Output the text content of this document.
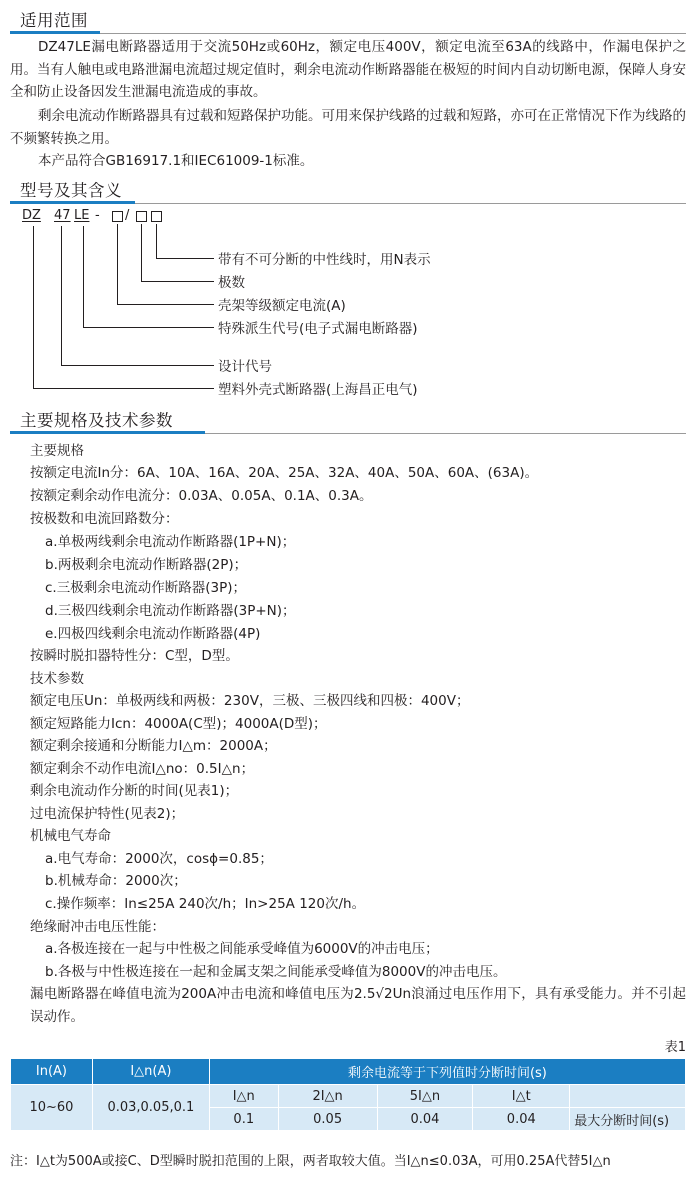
适用范围
DZ47LE漏电断路器适用于交流50Hz或60Hz，额定电压400V，额定电流至63A的线路中，作漏电保护之用。当有人触电或电路泄漏电流超过规定值时，剩余电流动作断路器能在极短的时间内自动切断电源，保障人身安全和防止设备因发生泄漏电流造成的事故。
剩余电流动作断路器具有过载和短路保护功能。可用来保护线路的过载和短路，亦可在正常情况下作为线路的不频繁转换之用。
本产品符合GB16917.1和IEC61009-1标准。
型号及其含义
DZ 47 LE - /
带有不可分断的中性线时，用N表示
极数
壳架等级额定电流(A)
特殊派生代号(电子式漏电断路器)
设计代号
塑料外壳式断路器(上海昌正电气)
主要规格及技术参数
主要规格
按额定电流In分：6A、10A、16A、20A、25A、32A、40A、50A、60A、(63A)。
按额定剩余动作电流分：0.03A、0.05A、0.1A、0.3A。
按极数和电流回路数分：
a.单极两线剩余电流动作断路器(1P+N)；
b.两极剩余电流动作断路器(2P)；
c.三极剩余电流动作断路器(3P)；
d.三极四线剩余电流动作断路器(3P+N)；
e.四极四线剩余电流动作断路器(4P)
按瞬时脱扣器特性分：C型，D型。
技术参数
额定电压Un：单极两线和两极：230V，三极、三极四线和四极：400V；
额定短路能力Icn：4000A(C型)；4000A(D型)；
额定剩余接通和分断能力I△m：2000A；
额定剩余不动作电流I△no：0.5I△n；
剩余电流动作分断的时间(见表1)；
过电流保护特性(见表2)；
机械电气寿命
a.电气寿命：2000次，cosϕ=0.85；
b.机械寿命：2000次；
c.操作频率：In≤25A 240次/h；In>25A 120次/h。
绝缘耐冲击电压性能：
a.各极连接在一起与中性极之间能承受峰值为6000V的冲击电压；
b.各极与中性极连接在一起和金属支架之间能承受峰值为8000V的冲击电压。
漏电断路器在峰值电流为200A冲击电流和峰值电压为2.5√2Un浪涌过电压作用下，具有承受能力。并不引起误动作。
表1
In(A)	I△n(A)	剩余电流等于下列值时分断时间(s)				
10~60	0.03,0.05,0.1	I△n	2I△n	5I△n	I△t	
		0.1	0.05	0.04	0.04	最大分断时间(s)
注：I△t为500A或接C、D型瞬时脱扣范围的上限，两者取较大值。当I△n≤0.03A，可用0.25A代替5I△n
